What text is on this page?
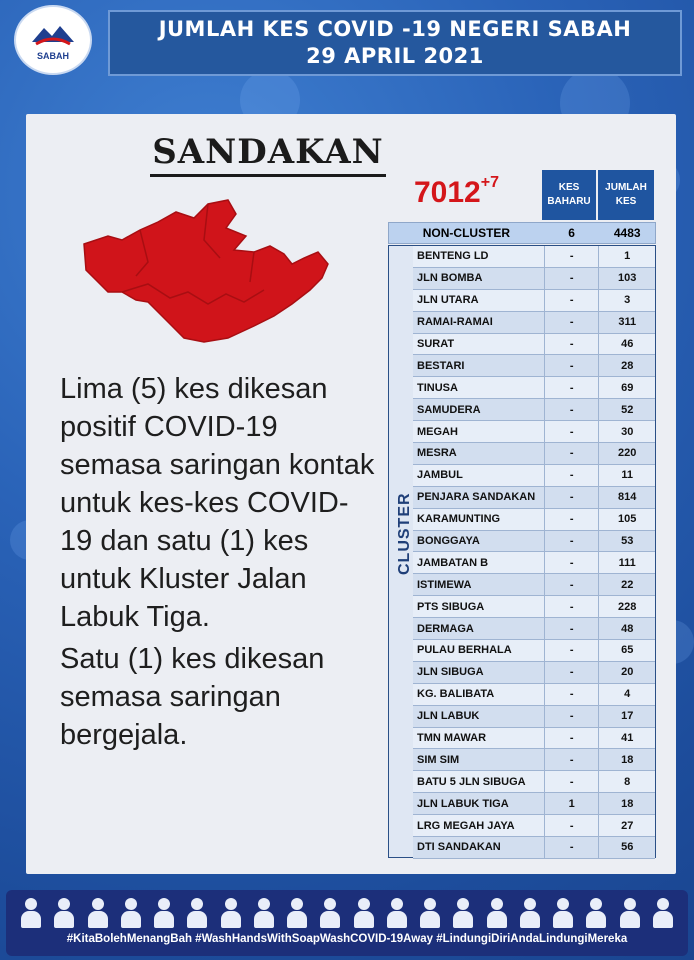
SABAH
JUMLAH KES COVID -19 NEGERI SABAH
29 APRIL 2021
SANDAKAN
$7012^{+7}$	KES BAHARU
JUMLAH KES
NON-CLUSTER	6	4483
CLUSTER
BENTENG LD	-	1
JLN BOMBA	-	103
JLN UTARA	-	3
RAMAI-RAMAI	-	311
SURAT	-	46
BESTARI	-	28
TINUSA	-	69
SAMUDERA	-	52
MEGAH	-	30
MESRA	-	220
JAMBUL	-	11
PENJARA SANDAKAN	-	814
KARAMUNTING	-	105
BONGGAYA	-	53
JAMBATAN B	-	111
ISTIMEWA	-	22
PTS SIBUGA	-	228
DERMAGA	-	48
PULAU BERHALA	-	65
JLN SIBUGA	-	20
KG. BALIBATA	-	4
JLN LABUK	-	17
TMN MAWAR	-	41
SIM SIM	-	18
BATU 5 JLN SIBUGA	-	8
JLN LABUK TIGA	1	18
LRG MEGAH JAYA	-	27
DTI SANDAKAN	-	56

Lima (5) kes dikesan positif COVID-19 semasa saringan kontak untuk kes-kes COVID-19 dan satu (1) kes untuk Kluster Jalan Labuk Tiga.

Satu (1) kes dikesan semasa saringan bergejala.

#KitaBolehMenangBah #WashHandsWithSoapWashCOVID-19Away #LindungiDiriAndaLindungiMereka
